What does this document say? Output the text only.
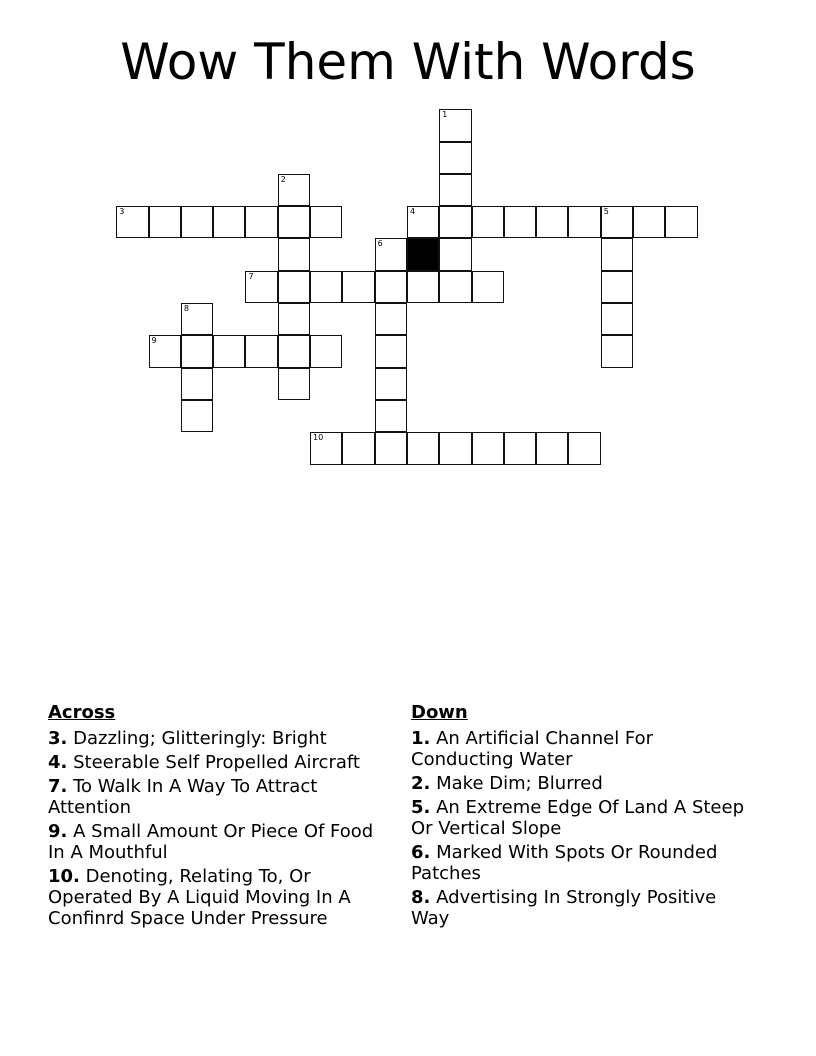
Wow Them With Words
1
2
3	4	5
6
7
8
9
10
Across
3. Dazzling; Glitteringly: Bright
4. Steerable Self Propelled Aircraft
7. To Walk In A Way To Attract Attention
9. A Small Amount Or Piece Of Food In A Mouthful
10. Denoting, Relating To, Or Operated By A Liquid Moving In A Confinrd Space Under Pressure
Down
1. An Artificial Channel For Conducting Water
2. Make Dim; Blurred
5. An Extreme Edge Of Land A Steep Or Vertical Slope
6. Marked With Spots Or Rounded Patches
8. Advertising In Strongly Positive Way
